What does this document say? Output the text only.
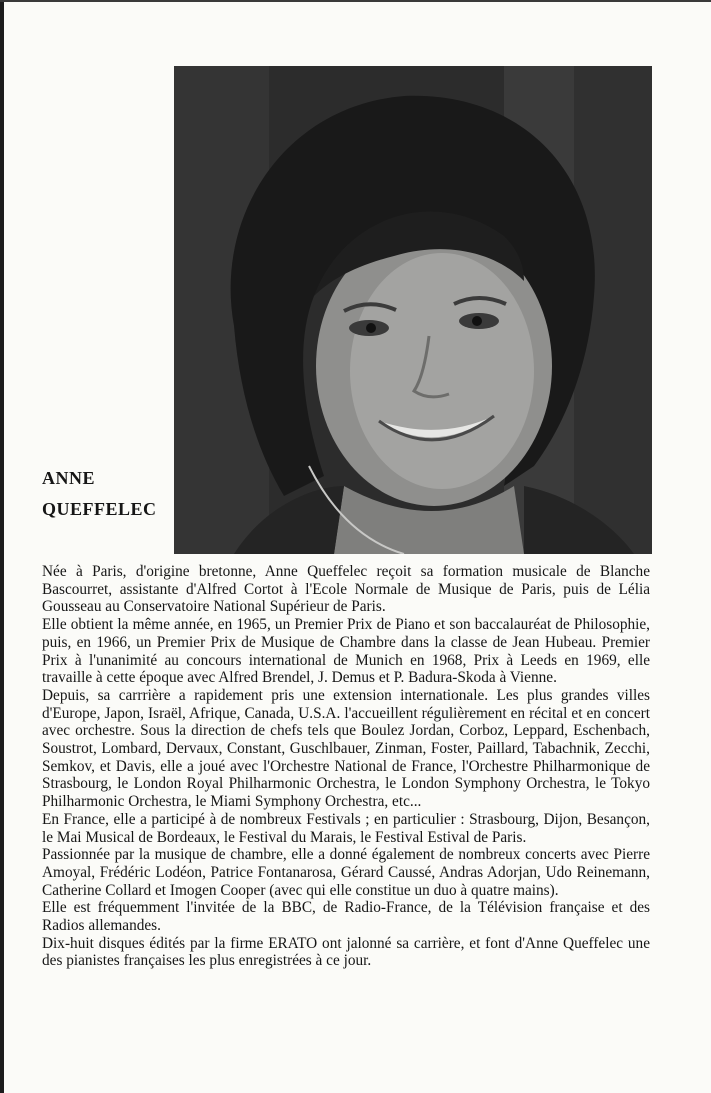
ANNE
QUEFFELEC

Née à Paris, d'origine bretonne, Anne Queffelec reçoit sa formation musicale de Blanche Bascourret, assistante d'Alfred Cortot à l'Ecole Normale de Musique de Paris, puis de Lélia Gousseau au Conservatoire National Supérieur de Paris.

Elle obtient la même année, en 1965, un Premier Prix de Piano et son baccalauréat de Philosophie, puis, en 1966, un Premier Prix de Musique de Chambre dans la classe de Jean Hubeau. Premier Prix à l'unanimité au concours international de Munich en 1968, Prix à Leeds en 1969, elle travaille à cette époque avec Alfred Brendel, J. Demus et P. Badura-Skoda à Vienne.

Depuis, sa carrrière a rapidement pris une extension internationale. Les plus grandes villes d'Europe, Japon, Israël, Afrique, Canada, U.S.A. l'accueillent régulièrement en récital et en concert avec orchestre. Sous la direction de chefs tels que Boulez Jordan, Corboz, Leppard, Eschenbach, Soustrot, Lombard, Dervaux, Constant, Guschlbauer, Zinman, Foster, Paillard, Tabachnik, Zecchi, Semkov, et Davis, elle a joué avec l'Orchestre National de France, l'Orchestre Philharmonique de Strasbourg, le London Royal Philharmonic Orchestra, le London Symphony Orchestra, le Tokyo Philharmonic Orchestra, le Miami Symphony Orchestra, etc...

En France, elle a participé à de nombreux Festivals ; en particulier : Strasbourg, Dijon, Besançon, le Mai Musical de Bordeaux, le Festival du Marais, le Festival Estival de Paris.

Passionnée par la musique de chambre, elle a donné également de nombreux concerts avec Pierre Amoyal, Frédéric Lodéon, Patrice Fontanarosa, Gérard Caussé, Andras Adorjan, Udo Reinemann, Catherine Collard et Imogen Cooper (avec qui elle constitue un duo à quatre mains).

Elle est fréquemment l'invitée de la BBC, de Radio-France, de la Télévision française et des Radios allemandes.

Dix-huit disques édités par la firme ERATO ont jalonné sa carrière, et font d'Anne Queffelec une des pianistes françaises les plus enregistrées à ce jour.
